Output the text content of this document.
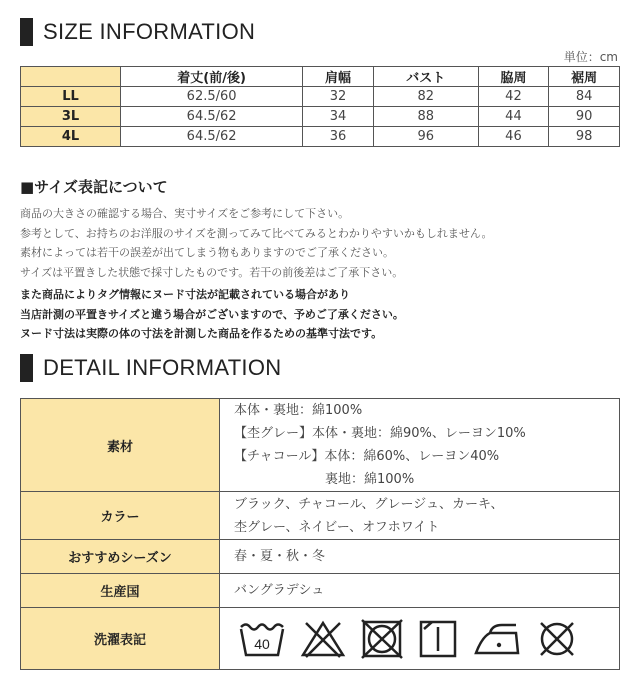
SIZE INFORMATION
単位：cm
	着丈(前/後)	肩幅	バスト	脇周	裾周
LL	62.5/60	32	82	42	84
3L	64.5/62	34	88	44	90
4L	64.5/62	36	96	46	98
■サイズ表記について
商品の大きさの確認する場合、実寸サイズをご参考にして下さい。
参考として、お持ちのお洋服のサイズを測ってみて比べてみるとわかりやすいかもしれません。
素材によっては若干の誤差が出てしまう物もありますのでご了承ください。
サイズは平置きした状態で採寸したものです。若干の前後差はご了承下さい。
また商品によりタグ情報にヌード寸法が記載されている場合があり
当店計測の平置きサイズと違う場合がございますので、予めご了承ください。
ヌード寸法は実際の体の寸法を計測した商品を作るための基準寸法です。
DETAIL INFORMATION
素材	本体・裏地：綿100%
【杢グレー】本体・裏地：綿90%、レーヨン10%
【チャコール】本体：綿60%、レーヨン40%
　　　　　　　裏地：綿100%

カラー	ブラック、チャコール、グレージュ、カーキ、
杢グレー、ネイビー、オフホワイト

おすすめシーズン	春・夏・秋・冬
生産国	バングラデシュ
洗濯表記	40
